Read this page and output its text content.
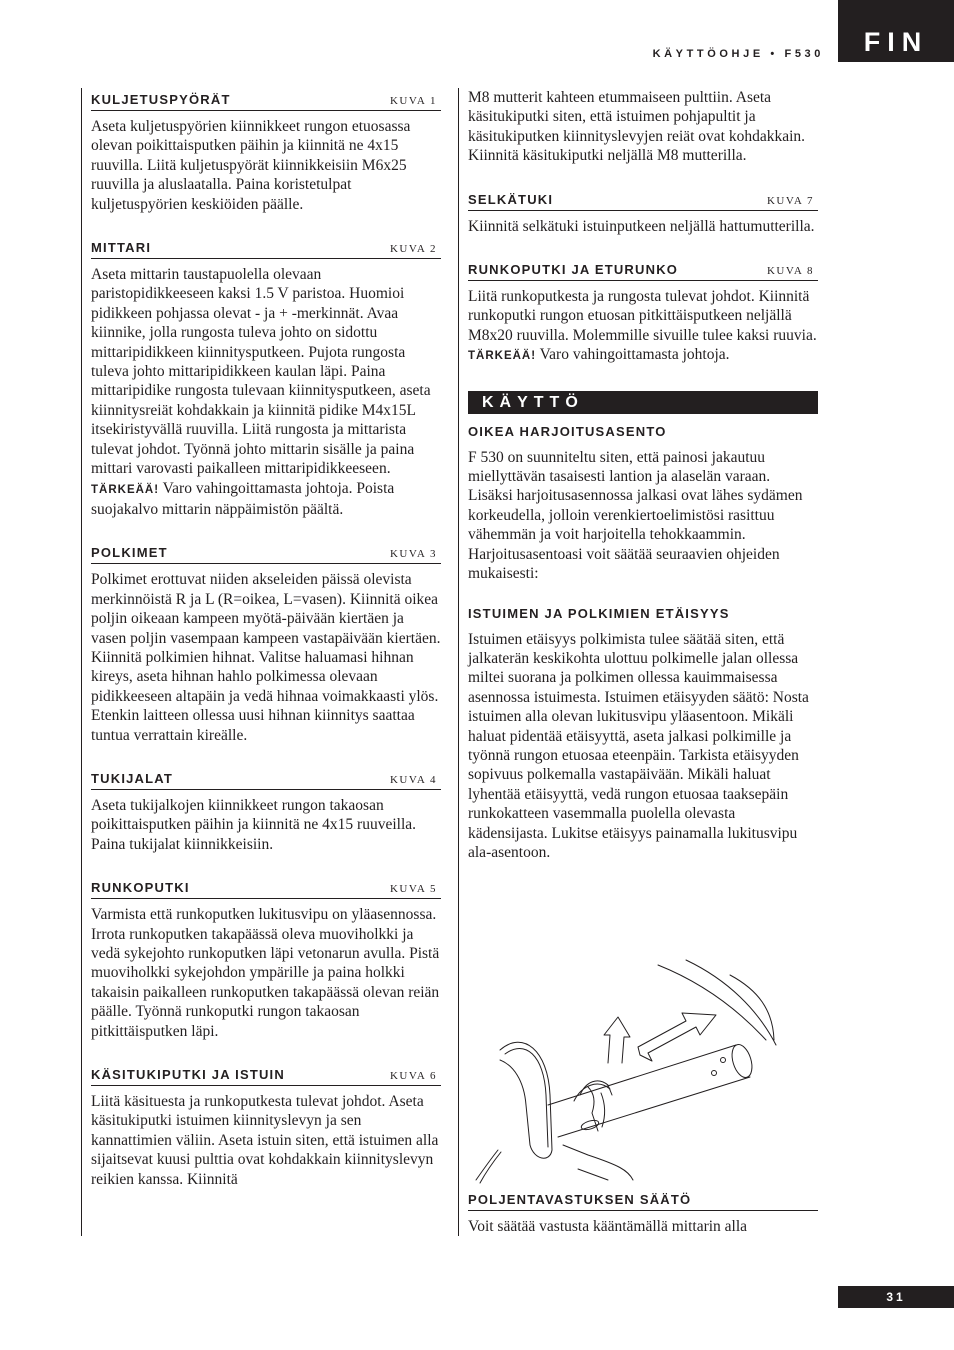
FIN
KÄYTTÖOHJE • F530
KULJETUSPYÖRÄT	KUVA 1

Aseta kuljetuspyörien kiinnikkeet rungon etuosassa olevan poikittaisputken päihin ja kiinnitä ne 4x15 ruuvilla. Liitä kuljetuspyörät kiinnikkeisiin M6x25 ruuvilla ja aluslaatalla. Paina koristetulpat kuljetuspyörien keskiöiden päälle.

MITTARI	KUVA 2

Aseta mittarin taustapuolella olevaan paristopidikkeeseen kaksi 1.5 V paristoa. Huomioi pidikkeen pohjassa olevat - ja + -merkinnät. Avaa kiinnike, jolla rungosta tuleva johto on sidottu mittaripidikkeen kiinnitysputkeen. Pujota rungosta tuleva johto mittaripidikkeen kaulan läpi. Paina mittaripidike rungosta tulevaan kiinnitysputkeen, aseta kiinnitysreiät kohdakkain ja kiinnitä pidike M4x15L itsekiristyvällä ruuvilla. Liitä rungosta ja mittarista tulevat johdot. Työnnä johto mittarin sisälle ja paina mittari varovasti paikalleen mittaripidikkeeseen. TÄRKEÄÄ! Varo vahingoittamasta johtoja. Poista suojakalvo mittarin näppäimistön päältä.

POLKIMET	KUVA 3

Polkimet erottuvat niiden akseleiden päissä olevista merkinnöistä R ja L (R=oikea, L=vasen). Kiinnitä oikea poljin oikeaan kampeen myötä-päivään kiertäen ja vasen poljin vasempaan kampeen vastapäivään kiertäen. Kiinnitä polkimien hihnat. Valitse haluamasi hihnan kireys, aseta hihnan hahlo polkimessa olevaan pidikkeeseen altapäin ja vedä hihnaa voimakkaasti ylös. Etenkin laitteen ollessa uusi hihnan kiinnitys saattaa tuntua verrattain kireälle.

TUKIJALAT	KUVA 4

Aseta tukijalkojen kiinnikkeet rungon takaosan poikittaisputken päihin ja kiinnitä ne 4x15 ruuveilla. Paina tukijalat kiinnikkeisiin.

RUNKOPUTKI	KUVA 5

Varmista että runkoputken lukitusvipu on yläasennossa. Irrota runkoputken takapäässä oleva muoviholkki ja vedä sykejohto runkoputken läpi vetonarun avulla. Pistä muoviholkki sykejohdon ympärille ja paina holkki takaisin paikalleen runkoputken takapäässä olevan reiän päälle. Työnnä runkoputki rungon takaosan pitkittäisputken läpi.

KÄSITUKIPUTKI JA ISTUIN	KUVA 6

Liitä käsituesta ja runkoputkesta tulevat johdot. Aseta käsitukiputki istuimen kiinnityslevyn ja sen kannattimien väliin. Aseta istuin siten, että istuimen alla sijaitsevat kuusi pulttia ovat kohdakkain kiinnityslevyn reikien kanssa. Kiinnitä

M8 mutterit kahteen etummaiseen pulttiin. Aseta käsitukiputki siten, että istuimen pohjapultit ja käsitukiputken kiinnityslevyjen reiät ovat kohdakkain. Kiinnitä käsitukiputki neljällä M8 mutterilla.

SELKÄTUKI	KUVA 7

Kiinnitä selkätuki istuinputkeen neljällä hattumutterilla.

RUNKOPUTKI JA ETURUNKO	KUVA 8

Liitä runkoputkesta ja rungosta tulevat johdot. Kiinnitä runkoputki rungon etuosan pitkittäisputkeen neljällä M8x20 ruuvilla. Molemmille sivuille tulee kaksi ruuvia. TÄRKEÄÄ! Varo vahingoittamasta johtoja.

KÄYTTÖ
OIKEA HARJOITUSASENTO

F 530 on suunniteltu siten, että painosi jakautuu miellyttävän tasaisesti lantion ja alaselän varaan. Lisäksi harjoitusasennossa jalkasi ovat lähes sydämen korkeudella, jolloin verenkiertoelimistösi rasittuu vähemmän ja voit harjoitella tehokkaammin. Harjoitusasentoasi voit säätää seuraavien ohjeiden mukaisesti:

ISTUIMEN JA POLKIMIEN ETÄISYYS

Istuimen etäisyys polkimista tulee säätää siten, että jalkaterän keskikohta ulottuu polkimelle jalan ollessa miltei suorana ja polkimen ollessa kauimmaisessa asennossa istuimesta. Istuimen etäisyyden säätö: Nosta istuimen alla olevan lukitusvipu yläasentoon. Mikäli haluat pidentää etäisyyttä, aseta jalkasi polkimille ja työnnä rungon etuosaa eteenpäin. Tarkista etäisyyden sopivuus polkemalla vastapäivään. Mikäli haluat lyhentää etäisyyttä, vedä rungon etuosaa taaksepäin runkokatteen vasemmalla puolella olevasta kädensijasta. Lukitse etäisyys painamalla lukitusvipu ala-asentoon.

POLJENTAVASTUKSEN SÄÄTÖ

Voit säätää vastusta kääntämällä mittarin alla

31
